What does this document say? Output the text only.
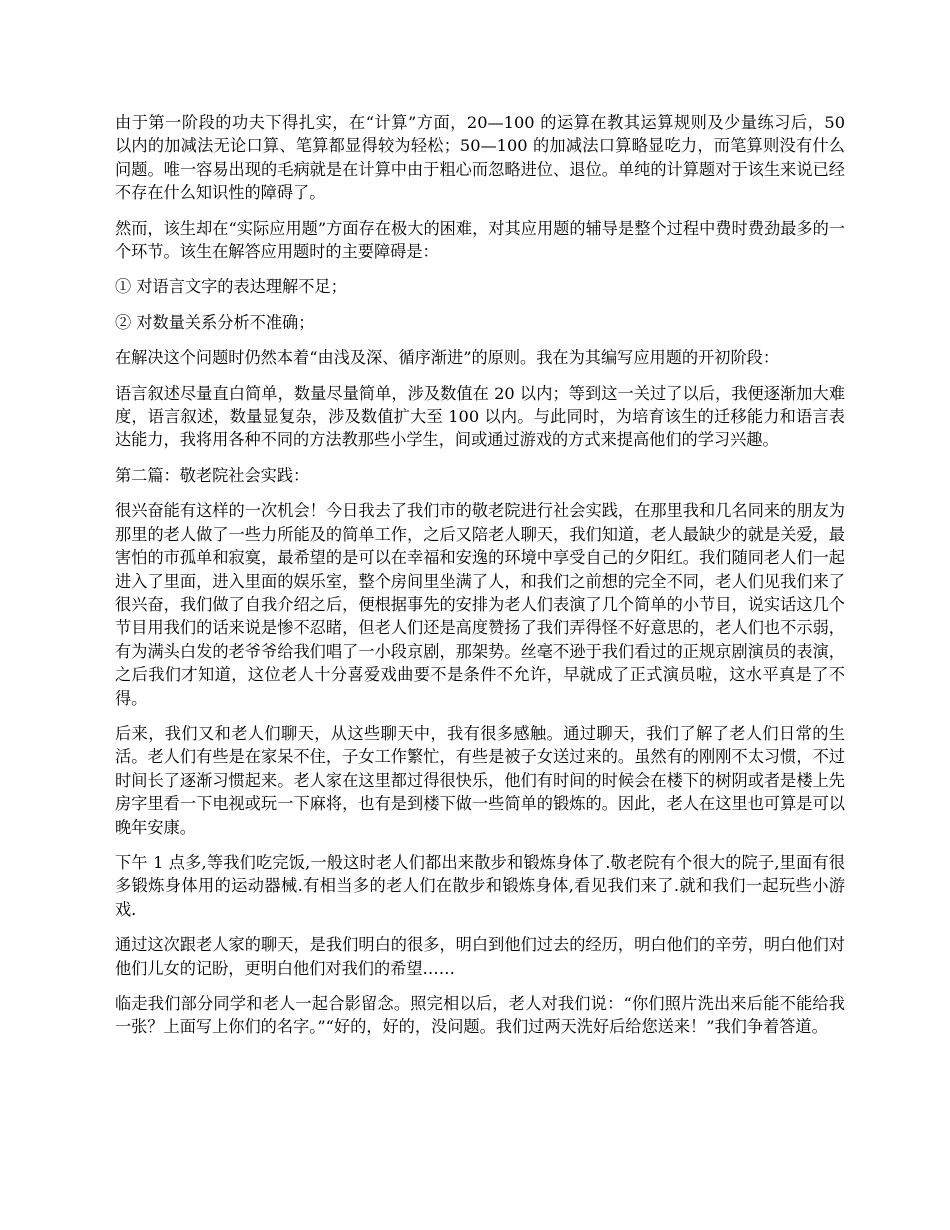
由于第一阶段的功夫下得扎实，在“计算”方面，20—100 的运算在教其运算规则及少量练习后，50 以内的加减法无论口算、笔算都显得较为轻松；50—100 的加减法口算略显吃力，而笔算则没有什么问题。唯一容易出现的毛病就是在计算中由于粗心而忽略进位、退位。单纯的计算题对于该生来说已经不存在什么知识性的障碍了。

然而，该生却在“实际应用题”方面存在极大的困难，对其应用题的辅导是整个过程中费时费劲最多的一个环节。该生在解答应用题时的主要障碍是：

① 对语言文字的表达理解不足；

② 对数量关系分析不准确；

在解决这个问题时仍然本着“由浅及深、循序渐进”的原则。我在为其编写应用题的开初阶段：

语言叙述尽量直白简单，数量尽量简单，涉及数值在 20 以内；等到这一关过了以后，我便逐渐加大难度，语言叙述，数量显复杂，涉及数值扩大至 100 以内。与此同时，为培育该生的迁移能力和语言表达能力，我将用各种不同的方法教那些小学生，间或通过游戏的方式来提高他们的学习兴趣。

第二篇：敬老院社会实践：

很兴奋能有这样的一次机会！今日我去了我们市的敬老院进行社会实践，在那里我和几名同来的朋友为那里的老人做了一些力所能及的简单工作，之后又陪老人聊天，我们知道，老人最缺少的就是关爱，最害怕的市孤单和寂寞，最希望的是可以在幸福和安逸的环境中享受自己的夕阳红。我们随同老人们一起进入了里面，进入里面的娱乐室，整个房间里坐满了人，和我们之前想的完全不同，老人们见我们来了很兴奋，我们做了自我介绍之后，便根据事先的安排为老人们表演了几个简单的小节目，说实话这几个节目用我们的话来说是惨不忍睹，但老人们还是高度赞扬了我们弄得怪不好意思的，老人们也不示弱，有为满头白发的老爷爷给我们唱了一小段京剧，那架势。丝毫不逊于我们看过的正规京剧演员的表演，之后我们才知道，这位老人十分喜爱戏曲要不是条件不允许，早就成了正式演员啦，这水平真是了不得。

后来，我们又和老人们聊天，从这些聊天中，我有很多感触。通过聊天，我们了解了老人们日常的生活。老人们有些是在家呆不住，子女工作繁忙，有些是被子女送过来的。虽然有的刚刚不太习惯，不过时间长了逐渐习惯起来。老人家在这里都过得很快乐，他们有时间的时候会在楼下的树阴或者是楼上先房字里看一下电视或玩一下麻将，也有是到楼下做一些简单的锻炼的。因此，老人在这里也可算是可以晚年安康。

下午 1 点多,等我们吃完饭,一般这时老人们都出来散步和锻炼身体了.敬老院有个很大的院子,里面有很多锻炼身体用的运动器械.有相当多的老人们在散步和锻炼身体,看见我们来了.就和我们一起玩些小游戏.

通过这次跟老人家的聊天，是我们明白的很多，明白到他们过去的经历，明白他们的辛劳，明白他们对他们儿女的记盼，更明白他们对我们的希望……

临走我们部分同学和老人一起合影留念。照完相以后，老人对我们说：“你们照片洗出来后能不能给我一张？上面写上你们的名字。”“好的，好的，没问题。我们过两天洗好后给您送来！”我们争着答道。
